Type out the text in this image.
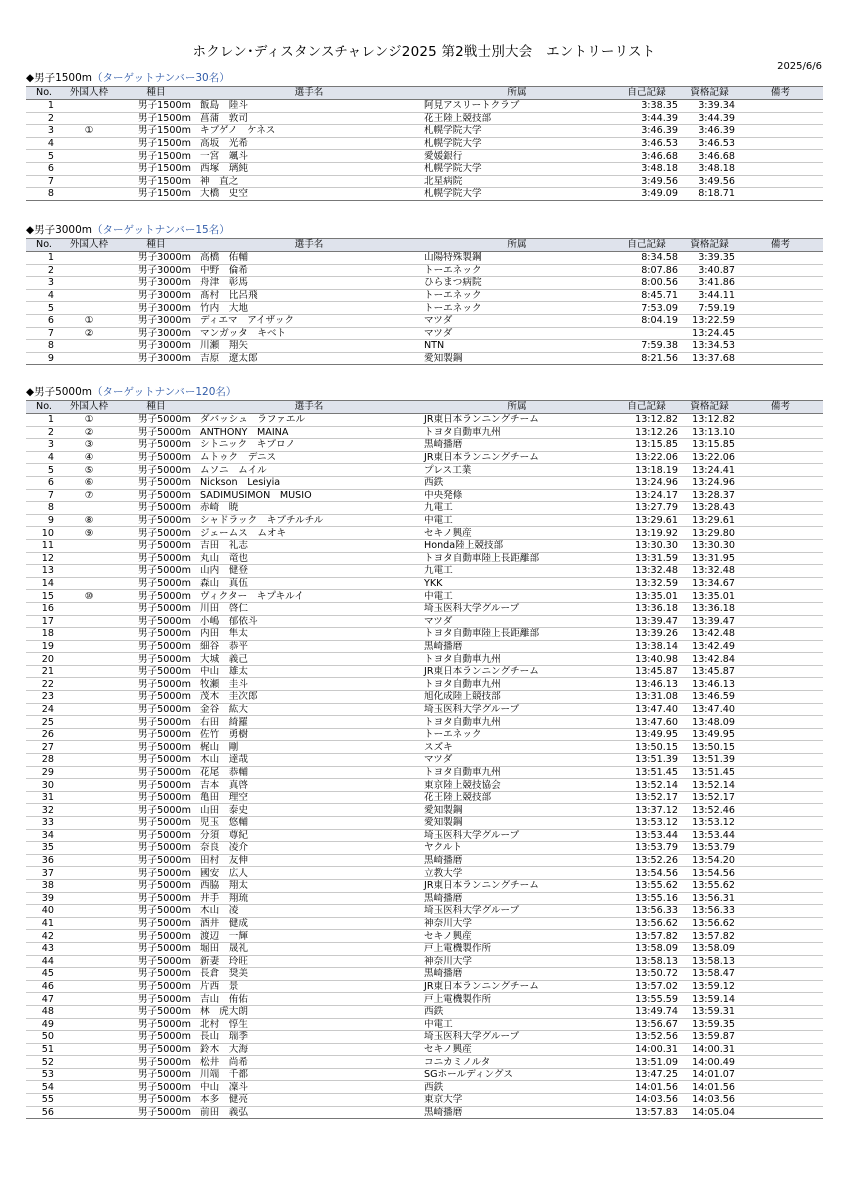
ホクレン･ディスタンスチャレンジ2025 第2戦士別大会　エントリーリスト
2025/6/6
◆男子1500m（ターゲットナンバー30名）
No.	外国人枠	種目	選手名	所属	自己記録	資格記録	備考
1		男子1500m	飯島　陸斗	阿見アスリートクラブ	3:38.35	3:39.34	
2		男子1500m	菖蒲　敦司	花王陸上競技部	3:44.39	3:44.39	
3	①	男子1500m	キプゲノ　ケネス	札幌学院大学	3:46.39	3:46.39	
4		男子1500m	高坂　光希	札幌学院大学	3:46.53	3:46.53	
5		男子1500m	一宮　颯斗	愛媛銀行	3:46.68	3:46.68	
6		男子1500m	西塚　璃純	札幌学院大学	3:48.18	3:48.18	
7		男子1500m	神　直之	北星病院	3:49.56	3:49.56	
8		男子1500m	大橋　史空	札幌学院大学	3:49.09	8:18.71	
◆男子3000m（ターゲットナンバー15名）
No.	外国人枠	種目	選手名	所属	自己記録	資格記録	備考
1		男子3000m	高橋　佑輔	山陽特殊製鋼	8:34.58	3:39.35	
2		男子3000m	中野　倫希	トーエネック	8:07.86	3:40.87	
3		男子3000m	舟津　彰馬	ひらまつ病院	8:00.56	3:41.86	
4		男子3000m	髙村　比呂飛	トーエネック	8:45.71	3:44.11	
5		男子3000m	竹内　大地	トーエネック	7:53.09	7:59.19	
6	①	男子3000m	ディエマ　アイザック	マツダ	8:04.19	13:22.59	
7	②	男子3000m	マンガッタ　キベト	マツダ		13:24.45	
8		男子3000m	川瀬　翔矢	NTN	7:59.38	13:34.53	
9		男子3000m	吉原　遼太郎	愛知製鋼	8:21.56	13:37.68	
◆男子5000m（ターゲットナンバー120名）
No.	外国人枠	種目	選手名	所属	自己記録	資格記録	備考
1	①	男子5000m	ダバッシュ　ラファエル	JR東日本ランニングチーム	13:12.82	13:12.82	
2	②	男子5000m	ANTHONY　MAINA	トヨタ自動車九州	13:12.26	13:13.10	
3	③	男子5000m	シトニック　キプロノ	黒崎播磨	13:15.85	13:15.85	
4	④	男子5000m	ムトゥク　デニス	JR東日本ランニングチーム	13:22.06	13:22.06	
5	⑤	男子5000m	ムソニ　ムイル	プレス工業	13:18.19	13:24.41	
6	⑥	男子5000m	Nickson　Lesiyia	西鉄	13:24.96	13:24.96	
7	⑦	男子5000m	SADIMUSIMON　MUSIO	中央発條	13:24.17	13:28.37	
8		男子5000m	赤崎　暁	九電工	13:27.79	13:28.43	
9	⑧	男子5000m	シャドラック　キプチルチル	中電工	13:29.61	13:29.61	
10	⑨	男子5000m	ジェームス　ムオキ	セキノ興産	13:19.92	13:29.80	
11		男子5000m	吉田　礼志	Honda陸上競技部	13:30.30	13:30.30	
12		男子5000m	丸山　竜也	トヨタ自動車陸上長距離部	13:31.59	13:31.95	
13		男子5000m	山内　健登	九電工	13:32.48	13:32.48	
14		男子5000m	森山　真伍	YKK	13:32.59	13:34.67	
15	⑩	男子5000m	ヴィクター　キプキルイ	中電工	13:35.01	13:35.01	
16		男子5000m	川田　啓仁	埼玉医科大学グループ	13:36.18	13:36.18	
17		男子5000m	小嶋　郁依斗	マツダ	13:39.47	13:39.47	
18		男子5000m	内田　隼太	トヨタ自動車陸上長距離部	13:39.26	13:42.48	
19		男子5000m	細谷　恭平	黒崎播磨	13:38.14	13:42.49	
20		男子5000m	大城　義己	トヨタ自動車九州	13:40.98	13:42.84	
21		男子5000m	中山　雄太	JR東日本ランニングチーム	13:45.87	13:45.87	
22		男子5000m	牧瀬　圭斗	トヨタ自動車九州	13:46.13	13:46.13	
23		男子5000m	茂木　圭次郎	旭化成陸上競技部	13:31.08	13:46.59	
24		男子5000m	金谷　紘大	埼玉医科大学グループ	13:47.40	13:47.40	
25		男子5000m	右田　綺羅	トヨタ自動車九州	13:47.60	13:48.09	
26		男子5000m	佐竹　勇樹	トーエネック	13:49.95	13:49.95	
27		男子5000m	梶山　剛	スズキ	13:50.15	13:50.15	
28		男子5000m	木山　達哉	マツダ	13:51.39	13:51.39	
29		男子5000m	花尾　恭輔	トヨタ自動車九州	13:51.45	13:51.45	
30		男子5000m	吉本　真啓	東京陸上競技協会	13:52.14	13:52.14	
31		男子5000m	亀田　理空	花王陸上競技部	13:52.17	13:52.17	
32		男子5000m	山田　泰史	愛知製鋼	13:37.12	13:52.46	
33		男子5000m	児玉　悠輔	愛知製鋼	13:53.12	13:53.12	
34		男子5000m	分須　尊紀	埼玉医科大学グループ	13:53.44	13:53.44	
35		男子5000m	奈良　凌介	ヤクルト	13:53.79	13:53.79	
36		男子5000m	田村　友伸	黒崎播磨	13:52.26	13:54.20	
37		男子5000m	國安　広人	立教大学	13:54.56	13:54.56	
38		男子5000m	西脇　翔太	JR東日本ランニングチーム	13:55.62	13:55.62	
39		男子5000m	井手　翔琉	黒崎播磨	13:55.16	13:56.31	
40		男子5000m	木山　凌	埼玉医科大学グループ	13:56.33	13:56.33	
41		男子5000m	酒井　健成	神奈川大学	13:56.62	13:56.62	
42		男子5000m	渡辺　一輝	セキノ興産	13:57.82	13:57.82	
43		男子5000m	堀田　晟礼	戸上電機製作所	13:58.09	13:58.09	
44		男子5000m	新妻　玲旺	神奈川大学	13:58.13	13:58.13	
45		男子5000m	長倉　奨美	黒崎播磨	13:50.72	13:58.47	
46		男子5000m	片西　景	JR東日本ランニングチーム	13:57.02	13:59.12	
47		男子5000m	吉山　侑佑	戸上電機製作所	13:55.59	13:59.14	
48		男子5000m	林　虎大朗	西鉄	13:49.74	13:59.31	
49		男子5000m	北村　惇生	中電工	13:56.67	13:59.35	
50		男子5000m	長山　瑞季	埼玉医科大学グループ	13:52.56	13:59.87	
51		男子5000m	鈴木　大海	セキノ興産	14:00.31	14:00.31	
52		男子5000m	松井　尚希	コニカミノルタ	13:51.09	14:00.49	
53		男子5000m	川端　千都	SGホールディングス	13:47.25	14:01.07	
54		男子5000m	中山　凜斗	西鉄	14:01.56	14:01.56	
55		男子5000m	本多　健亮	東京大学	14:03.56	14:03.56	
56		男子5000m	前田　義弘	黒崎播磨	13:57.83	14:05.04	
